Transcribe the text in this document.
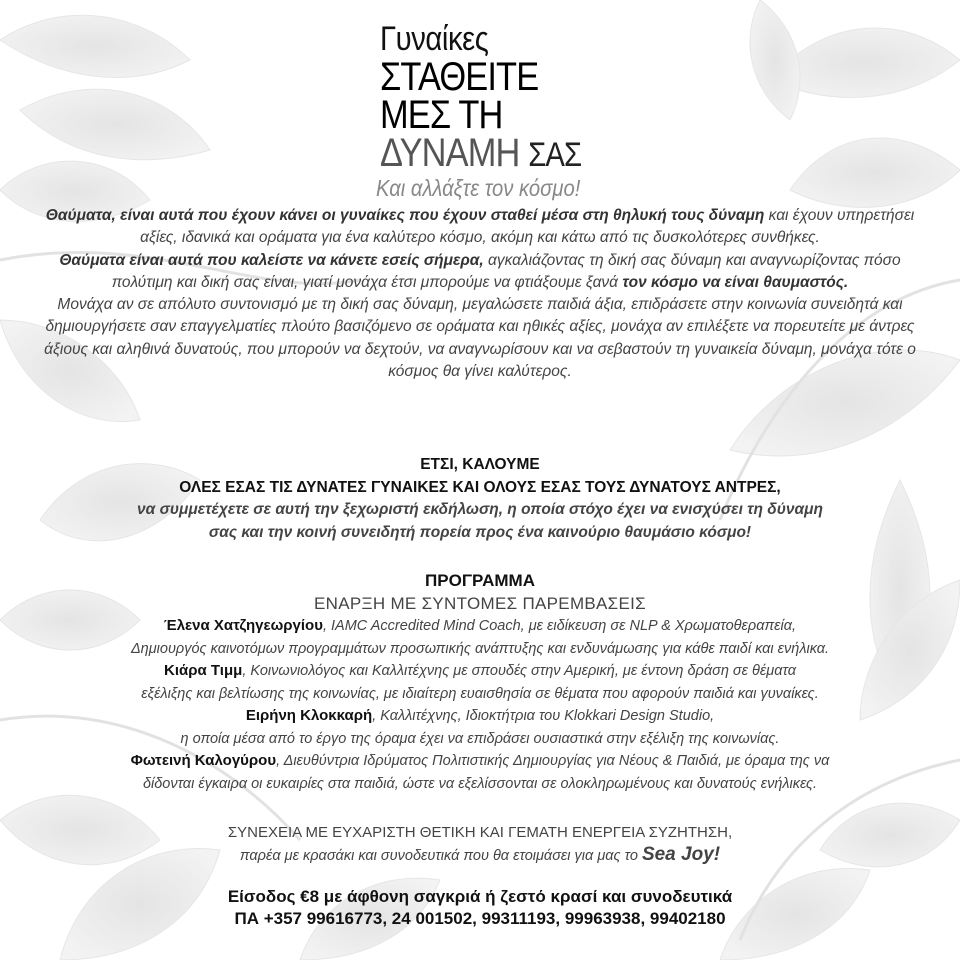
Γυναίκες
ΣΤΑΘΕΙΤΕ
ΜΕΣ ΤΗ
ΔΥΝΑΜΗ ΣΑΣ
Και αλλάξτε τον κόσμο!
Θαύματα, είναι αυτά που έχουν κάνει οι γυναίκες που έχουν σταθεί μέσα στη θηλυκή τους δύναμη και έχουν υπηρετήσει αξίες, ιδανικά και οράματα για ένα καλύτερο κόσμο, ακόμη και κάτω από τις δυσκολότερες συνθήκες.
Θαύματα είναι αυτά που καλείστε να κάνετε εσείς σήμερα, αγκαλιάζοντας τη δική σας δύναμη και αναγνωρίζοντας πόσο πολύτιμη και δική σας είναι, γιατί μονάχα έτσι μπορούμε να φτιάξουμε ξανά τον κόσμο να είναι θαυμαστός.
Μονάχα αν σε απόλυτο συντονισμό με τη δική σας δύναμη, μεγαλώσετε παιδιά άξια, επιδράσετε στην κοινωνία συνειδητά και δημιουργήσετε σαν επαγγελματίες πλούτο βασιζόμενο σε οράματα και ηθικές αξίες, μονάχα αν επιλέξετε να πορευτείτε με άντρες άξιους και αληθινά δυνατούς, που μπορούν να δεχτούν, να αναγνωρίσουν και να σεβαστούν τη γυναικεία δύναμη, μονάχα τότε ο κόσμος θα γίνει καλύτερος.
ΕΤΣΙ, ΚΑΛΟΥΜΕ
ΟΛΕΣ ΕΣΑΣ ΤΙΣ ΔΥΝΑΤΕΣ ΓΥΝΑΙΚΕΣ ΚΑΙ ΟΛΟΥΣ ΕΣΑΣ ΤΟΥΣ ΔΥΝΑΤΟΥΣ ΑΝΤΡΕΣ,
να συμμετέχετε σε αυτή την ξεχωριστή εκδήλωση, η οποία στόχο έχει να ενισχύσει τη δύναμη
σας και την κοινή συνειδητή πορεία προς ένα καινούριο θαυμάσιο κόσμο!
ΠΡΟΓΡΑΜΜΑ
ΕΝΑΡΞΗ ΜΕ ΣΥΝΤΟΜΕΣ ΠΑΡΕΜΒΑΣΕΙΣ
Έλενα Χατζηγεωργίου, IAMC Accredited Mind Coach, με ειδίκευση σε NLP & Χρωματοθεραπεία,
Δημιουργός καινοτόμων προγραμμάτων προσωπικής ανάπτυξης και ενδυνάμωσης για κάθε παιδί και ενήλικα.
Κιάρα Τιμμ, Κοινωνιολόγος και Καλλιτέχνης με σπουδές στην Αμερική, με έντονη δράση σε θέματα
εξέλιξης και βελτίωσης της κοινωνίας, με ιδιαίτερη ευαισθησία σε θέματα που αφορούν παιδιά και γυναίκες.
Ειρήνη Κλοκκαρή, Καλλιτέχνης, Ιδιοκτήτρια του Klokkari Design Studio,
η οποία μέσα από το έργο της όραμα έχει να επιδράσει ουσιαστικά στην εξέλιξη της κοινωνίας.
Φωτεινή Καλογύρου, Διευθύντρια Ιδρύματος Πολιτιστικής Δημιουργίας για Νέους & Παιδιά, με όραμα της να
δίδονται έγκαιρα οι ευκαιρίες στα παιδιά, ώστε να εξελίσσονται σε ολοκληρωμένους και δυνατούς ενήλικες.
ΣΥΝΕΧΕΙΑ ΜΕ ΕΥΧΑΡΙΣΤΗ ΘΕΤΙΚΗ ΚΑΙ ΓΕΜΑΤΗ ΕΝΕΡΓΕΙΑ ΣΥΖΗΤΗΣΗ,
παρέα με κρασάκι και συνοδευτικά που θα ετοιμάσει για μας το Sea Joy!
Είσοδος €8 με άφθονη σαγκριά ή ζεστό κρασί και συνοδευτικά
ΠΑ +357 99616773, 24 001502, 99311193, 99963938, 99402180
